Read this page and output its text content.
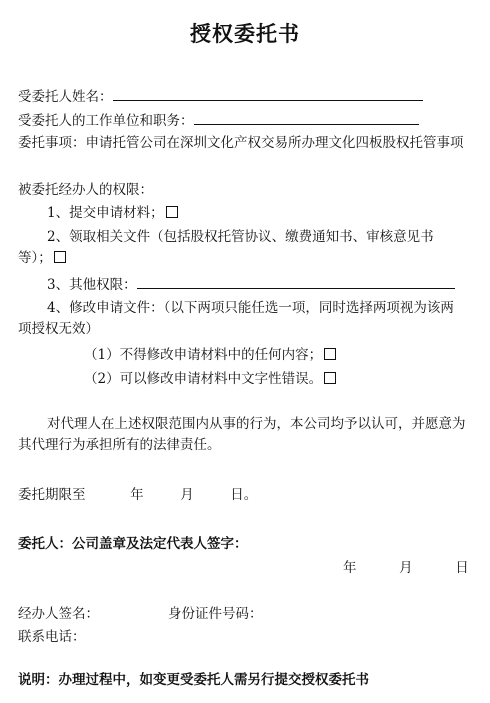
授权委托书
受委托人姓名：
受委托人的工作单位和职务：
委托事项：申请托管公司在深圳文化产权交易所办理文化四板股权托管事项
被委托经办人的权限：
1、提交申请材料；
2、领取相关文件（包括股权托管协议、缴费通知书、审核意见书等）；
3、其他权限：
4、修改申请文件：（以下两项只能任选一项，同时选择两项视为该两项授权无效）
（1）不得修改申请材料中的任何内容；
（2）可以修改申请材料中文字性错误。
对代理人在上述权限范围内从事的行为，本公司均予以认可，并愿意为其代理行为承担所有的法律责任。
委托期限至	年	月	日。
委托人：公司盖章及法定代表人签字：
年	月	日
经办人签名：	身份证件号码：
联系电话：
说明：办理过程中，如变更受委托人需另行提交授权委托书
